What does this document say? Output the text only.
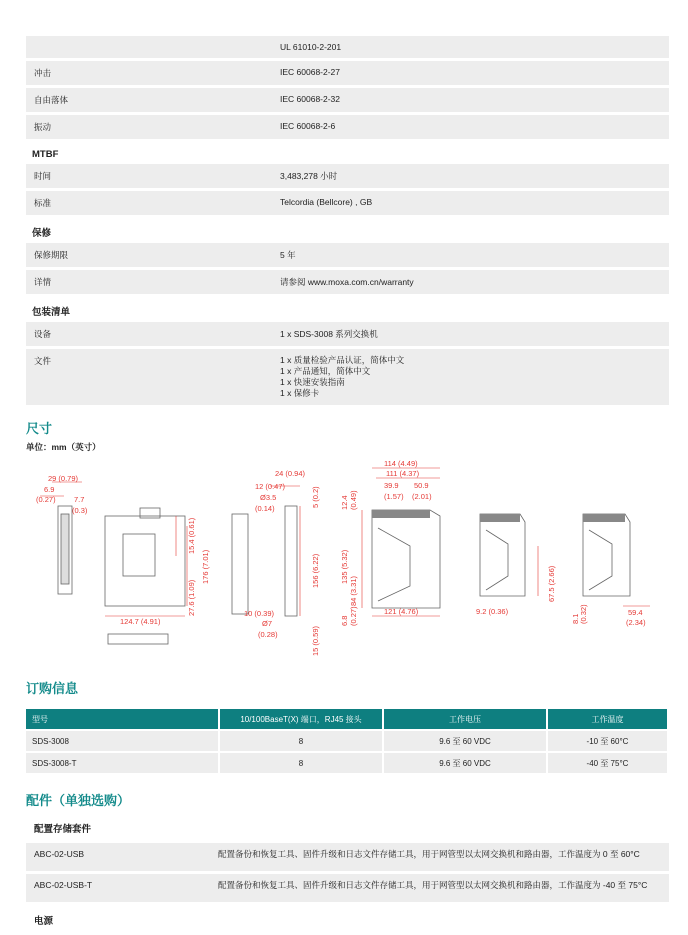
UL 61010-2-201
冲击	IEC 60068-2-27
自由落体	IEC 60068-2-32
振动	IEC 60068-2-6
MTBF
时间	3,483,278 小时
标准	Telcordia (Bellcore) , GB
保修
保修期限	5 年
详情	请参阅 www.moxa.com.cn/warranty
包装清单
设备	1 x SDS-3008 系列交换机
文件	1 x 质量检验产品认证，简体中文
1 x 产品通知，简体中文
1 x 快速安装指南
1 x 保修卡
尺寸
单位：mm（英寸）
29 (0.79)
6.9
(0.27) 7.7
(0.3)
15.4 (0.61)
176 (7.01)
27.6 (1.09)
124.7 (4.91)
24 (0.94)
12 (0.47)
Ø3.5
(0.14)
5 (0.2)
156 (6.22)
10 (0.39)
Ø7
(0.28)	15 (0.59)
114 (4.49)
111 (4.37)
39.9
(1.57)
50.9
(2.01)
12.4 (0.49)
135 (5.32)
84 (3.31)
6.8 (0.27)	121 (4.76)	9.2 (0.36)
67.5 (2.66)
8.1 (0.32)	59.4
(2.34)
订购信息
型号	10/100BaseT(X) 端口，RJ45 接头	工作电压	工作温度
SDS-3008	8	9.6 至 60 VDC	-10 至 60°C
SDS-3008-T	8	9.6 至 60 VDC	-40 至 75°C
配件（单独选购）
配置存储套件
ABC-02-USB	配置备份和恢复工具、固件升级和日志文件存储工具，用于网管型以太网交换机和路由器，工作温度为 0 至 60°C
ABC-02-USB-T	配置备份和恢复工具、固件升级和日志文件存储工具，用于网管型以太网交换机和路由器，工作温度为 -40 至 75°C
电源
